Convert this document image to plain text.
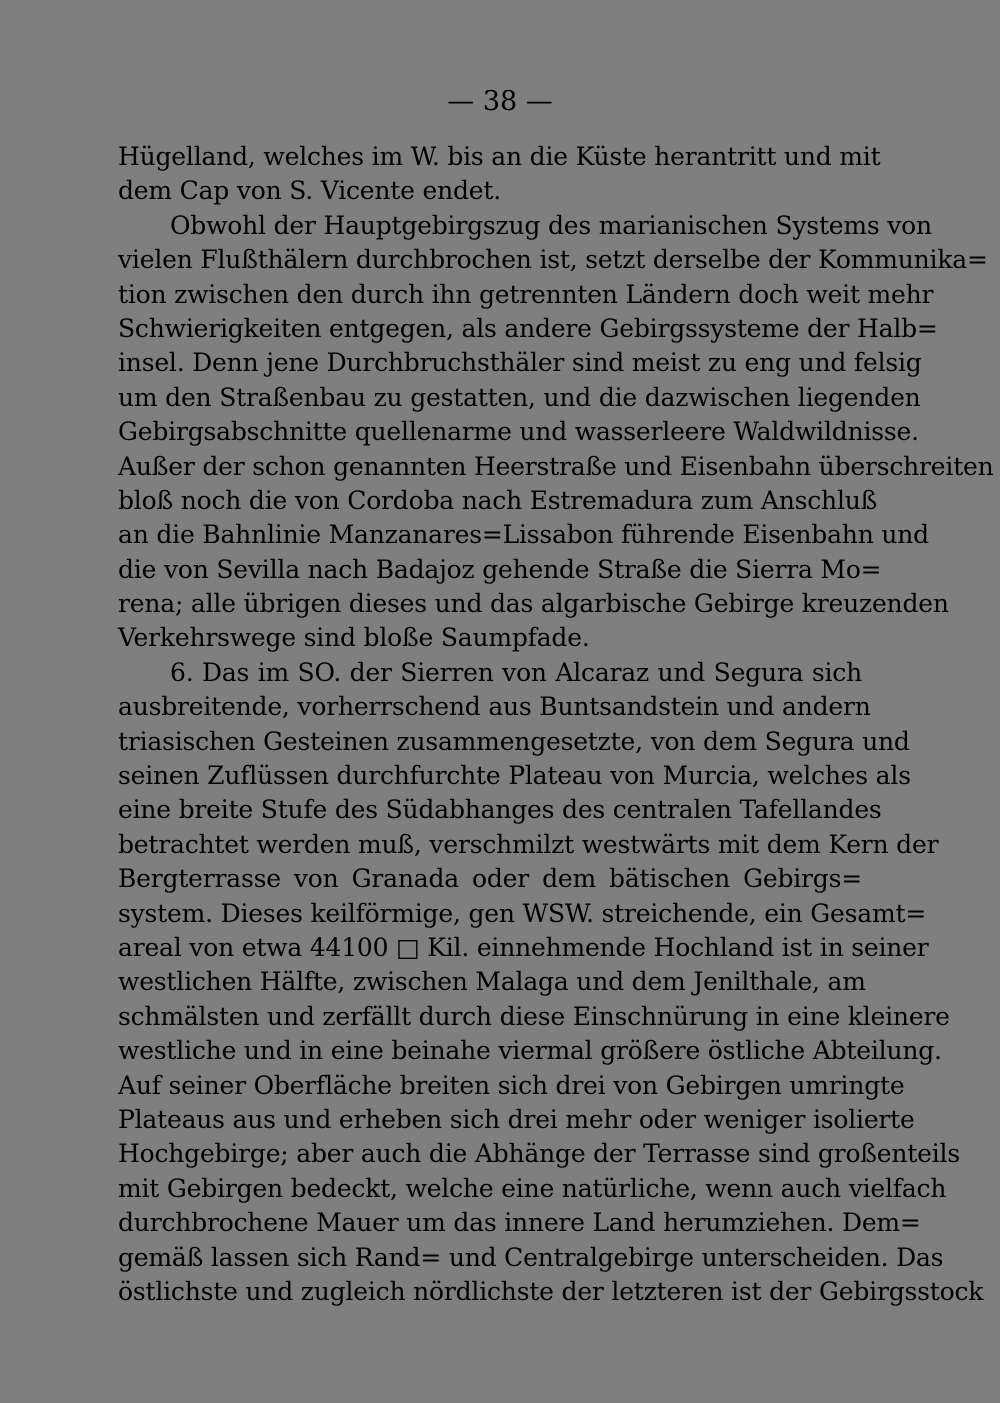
— 38 —
Hügelland, welches im W. bis an die Küste herantritt und mit
dem Cap von S. Vicente endet.
Obwohl der Hauptgebirgszug des marianischen Systems von
vielen Flußthälern durchbrochen ist, setzt derselbe der Kommunika=
tion zwischen den durch ihn getrennten Ländern doch weit mehr
Schwierigkeiten entgegen, als andere Gebirgssysteme der Halb=
insel. Denn jene Durchbruchsthäler sind meist zu eng und felsig
um den Straßenbau zu gestatten, und die dazwischen liegenden
Gebirgsabschnitte quellenarme und wasserleere Waldwildnisse.
Außer der schon genannten Heerstraße und Eisenbahn überschreiten
bloß noch die von Cordoba nach Estremadura zum Anschluß
an die Bahnlinie Manzanares=Lissabon führende Eisenbahn und
die von Sevilla nach Badajoz gehende Straße die Sierra Mo=
rena; alle übrigen dieses und das algarbische Gebirge kreuzenden
Verkehrswege sind bloße Saumpfade.
6. Das im SO. der Sierren von Alcaraz und Segura sich
ausbreitende, vorherrschend aus Buntsandstein und andern
triasischen Gesteinen zusammengesetzte, von dem Segura und
seinen Zuflüssen durchfurchte Plateau von Murcia, welches als
eine breite Stufe des Südabhanges des centralen Tafellandes
betrachtet werden muß, verschmilzt westwärts mit dem Kern der
Bergterrasse von Granada oder dem bätischen Gebirgs=
system. Dieses keilförmige, gen WSW. streichende, ein Gesamt=
areal von etwa 44100 □ Kil. einnehmende Hochland ist in seiner
westlichen Hälfte, zwischen Malaga und dem Jenilthale, am
schmälsten und zerfällt durch diese Einschnürung in eine kleinere
westliche und in eine beinahe viermal größere östliche Abteilung.
Auf seiner Oberfläche breiten sich drei von Gebirgen umringte
Plateaus aus und erheben sich drei mehr oder weniger isolierte
Hochgebirge; aber auch die Abhänge der Terrasse sind großenteils
mit Gebirgen bedeckt, welche eine natürliche, wenn auch vielfach
durchbrochene Mauer um das innere Land herumziehen. Dem=
gemäß lassen sich Rand= und Centralgebirge unterscheiden. Das
östlichste und zugleich nördlichste der letzteren ist der Gebirgsstock
